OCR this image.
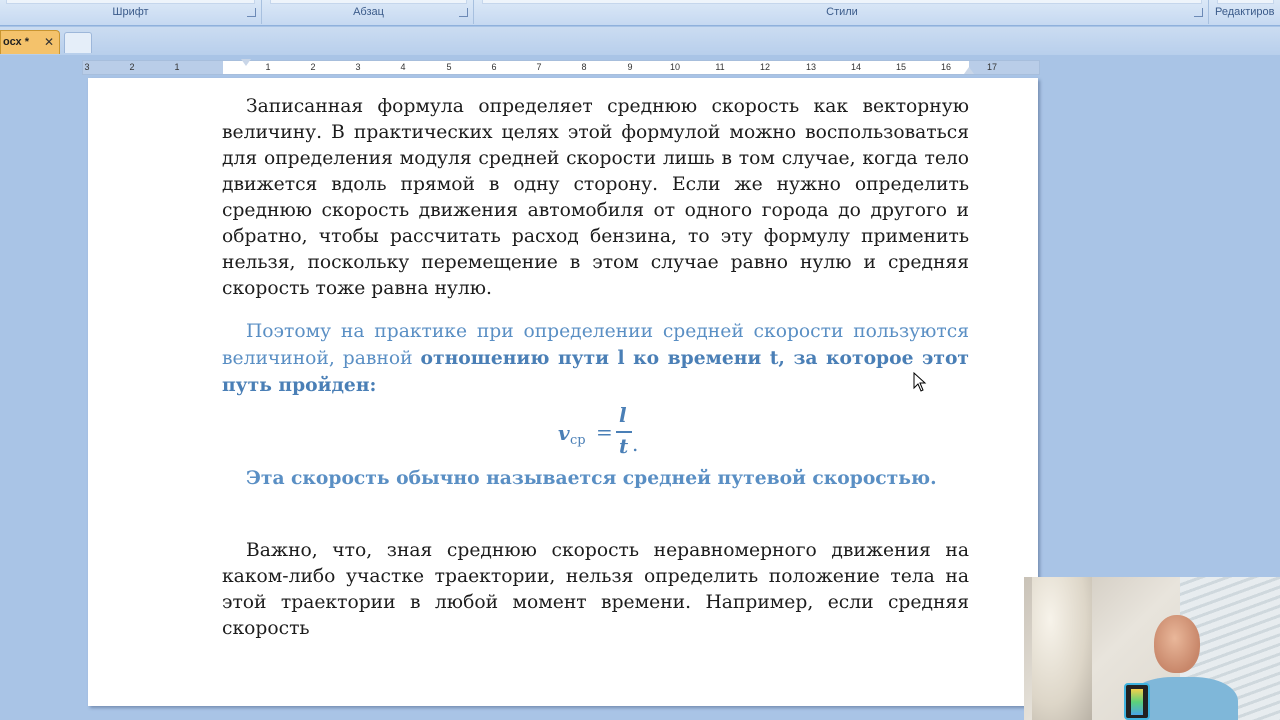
Шрифт	Абзац	Стили	Редактиров
осх * ✕
3	2	1	1	2	3	4	5	6	7	8	9	10	11	12	13	14	15	16	17

Записанная формула определяет среднюю скорость как векторную величину. В практических целях этой формулой можно воспользоваться для определения модуля средней скорости лишь в том случае, когда тело движется вдоль прямой в одну сторону. Если же нужно определить среднюю скорость движения автомобиля от одного города до другого и обратно, чтобы рассчитать расход бензина, то эту формулу применить нельзя, поскольку перемещение в этом случае равно нулю и средняя скорость тоже равна нулю.

Поэтому на практике при определении средней скорости пользуются величиной, равной отношению пути l ко времени t, за которое этот путь пройден:

v ср =
l
t .

Эта скорость обычно называется средней путевой скоростью.

Важно, что, зная среднюю скорость неравномерного движения на каком-либо участке траектории, нельзя определить положение тела на этой траектории в любой момент времени. Например, если средняя скорость
